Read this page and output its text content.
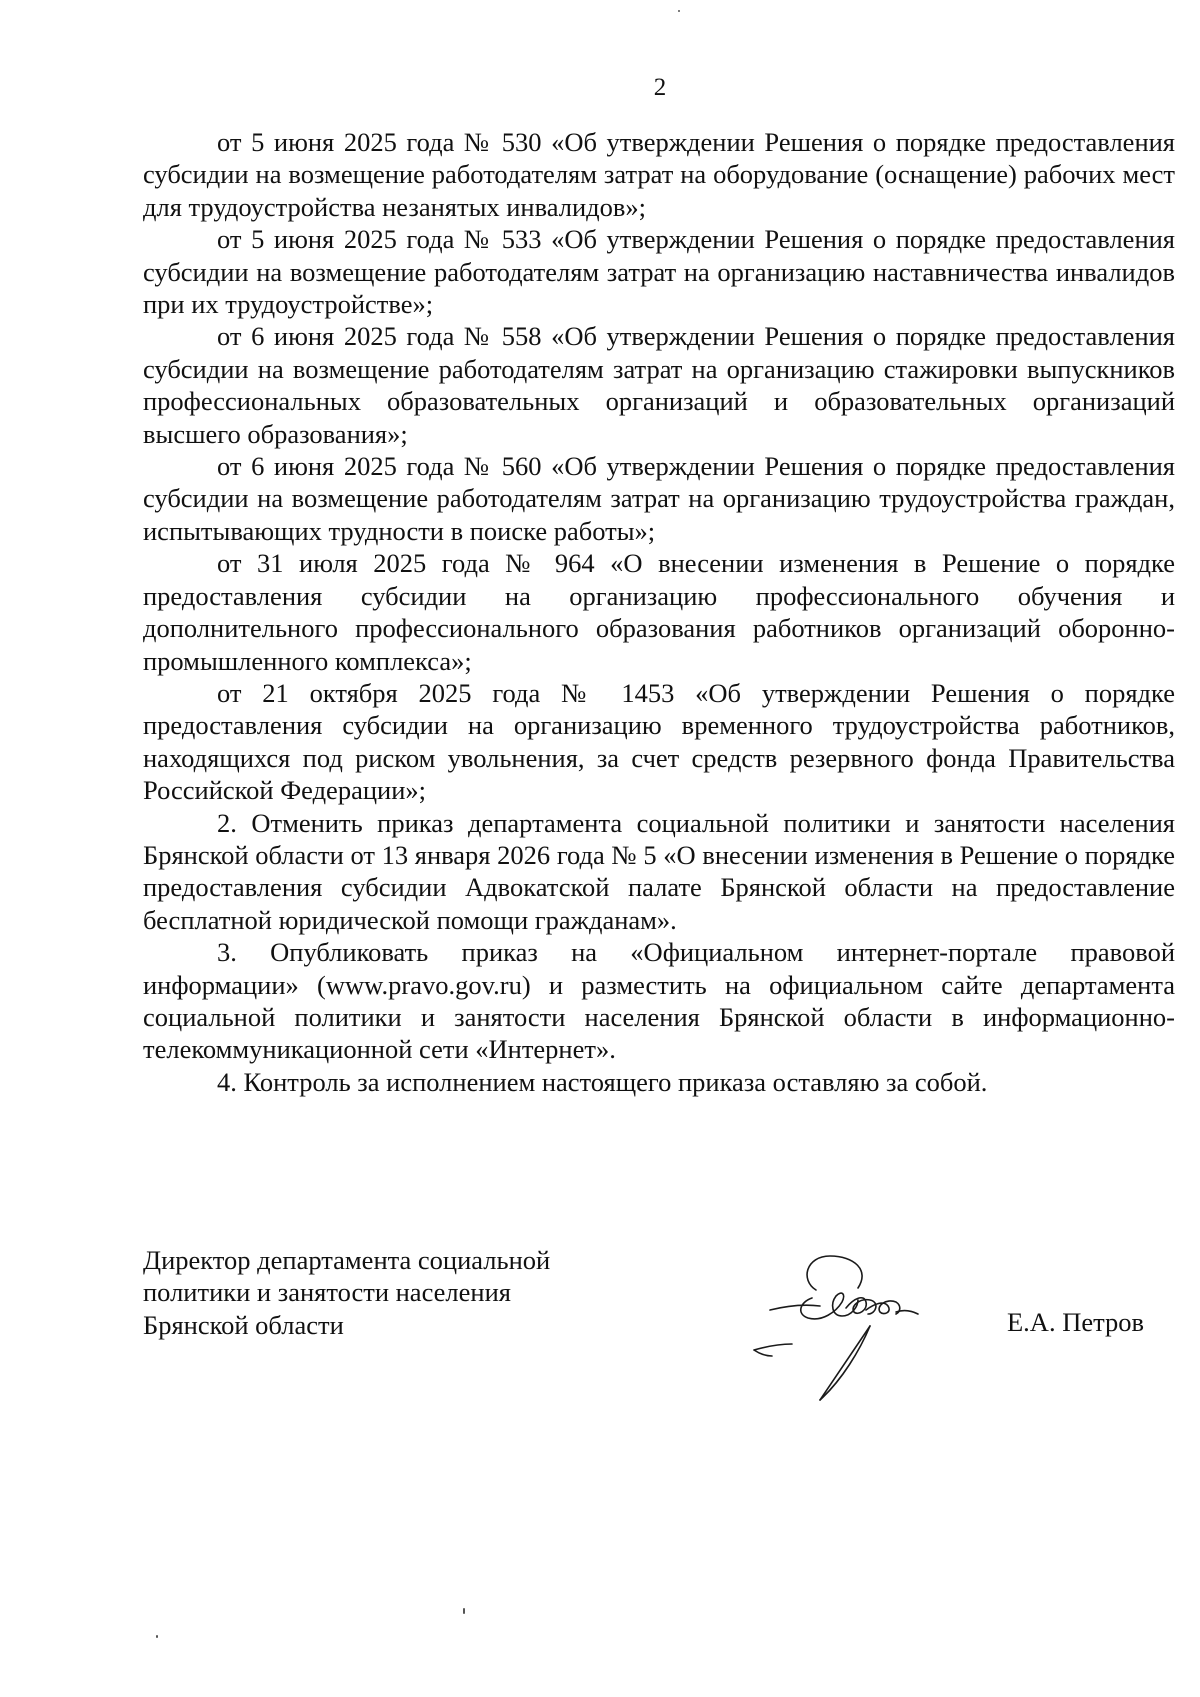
2

от 5 июня 2025 года № 530 «Об утверждении Решения о порядке предоставления субсидии на возмещение работодателям затрат на оборудование (оснащение) рабочих мест для трудоустройства незанятых инвалидов»;

от 5 июня 2025 года № 533 «Об утверждении Решения о порядке предоставления субсидии на возмещение работодателям затрат на организацию наставничества инвалидов при их трудоустройстве»;

от 6 июня 2025 года № 558 «Об утверждении Решения о порядке предоставления субсидии на возмещение работодателям затрат на организацию стажировки выпускников профессиональных образовательных организаций и образовательных организаций высшего образования»;

от 6 июня 2025 года № 560 «Об утверждении Решения о порядке предоставления субсидии на возмещение работодателям затрат на организацию трудоустройства граждан, испытывающих трудности в поиске работы»;

от 31 июля 2025 года № 964 «О внесении изменения в Решение о порядке предоставления субсидии на организацию профессионального обучения и дополнительного профессионального образования работников организаций оборонно-промышленного комплекса»;

от 21 октября 2025 года № 1453 «Об утверждении Решения о порядке предоставления субсидии на организацию временного трудоустройства работников, находящихся под риском увольнения, за счет средств резервного фонда Правительства Российской Федерации»;

2. Отменить приказ департамента социальной политики и занятости населения Брянской области от 13 января 2026 года № 5 «О внесении изменения в Решение о порядке предоставления субсидии Адвокатской палате Брянской области на предоставление бесплатной юридической помощи гражданам».

3. Опубликовать приказ на «Официальном интернет-портале правовой информации» (www.pravo.gov.ru) и разместить на официальном сайте департамента социальной политики и занятости населения Брянской области в информационно-телекоммуникационной сети «Интернет».

4. Контроль за исполнением настоящего приказа оставляю за собой.

Директор департамента социальной
политики и занятости населения
Брянской области	Е.А. Петров
